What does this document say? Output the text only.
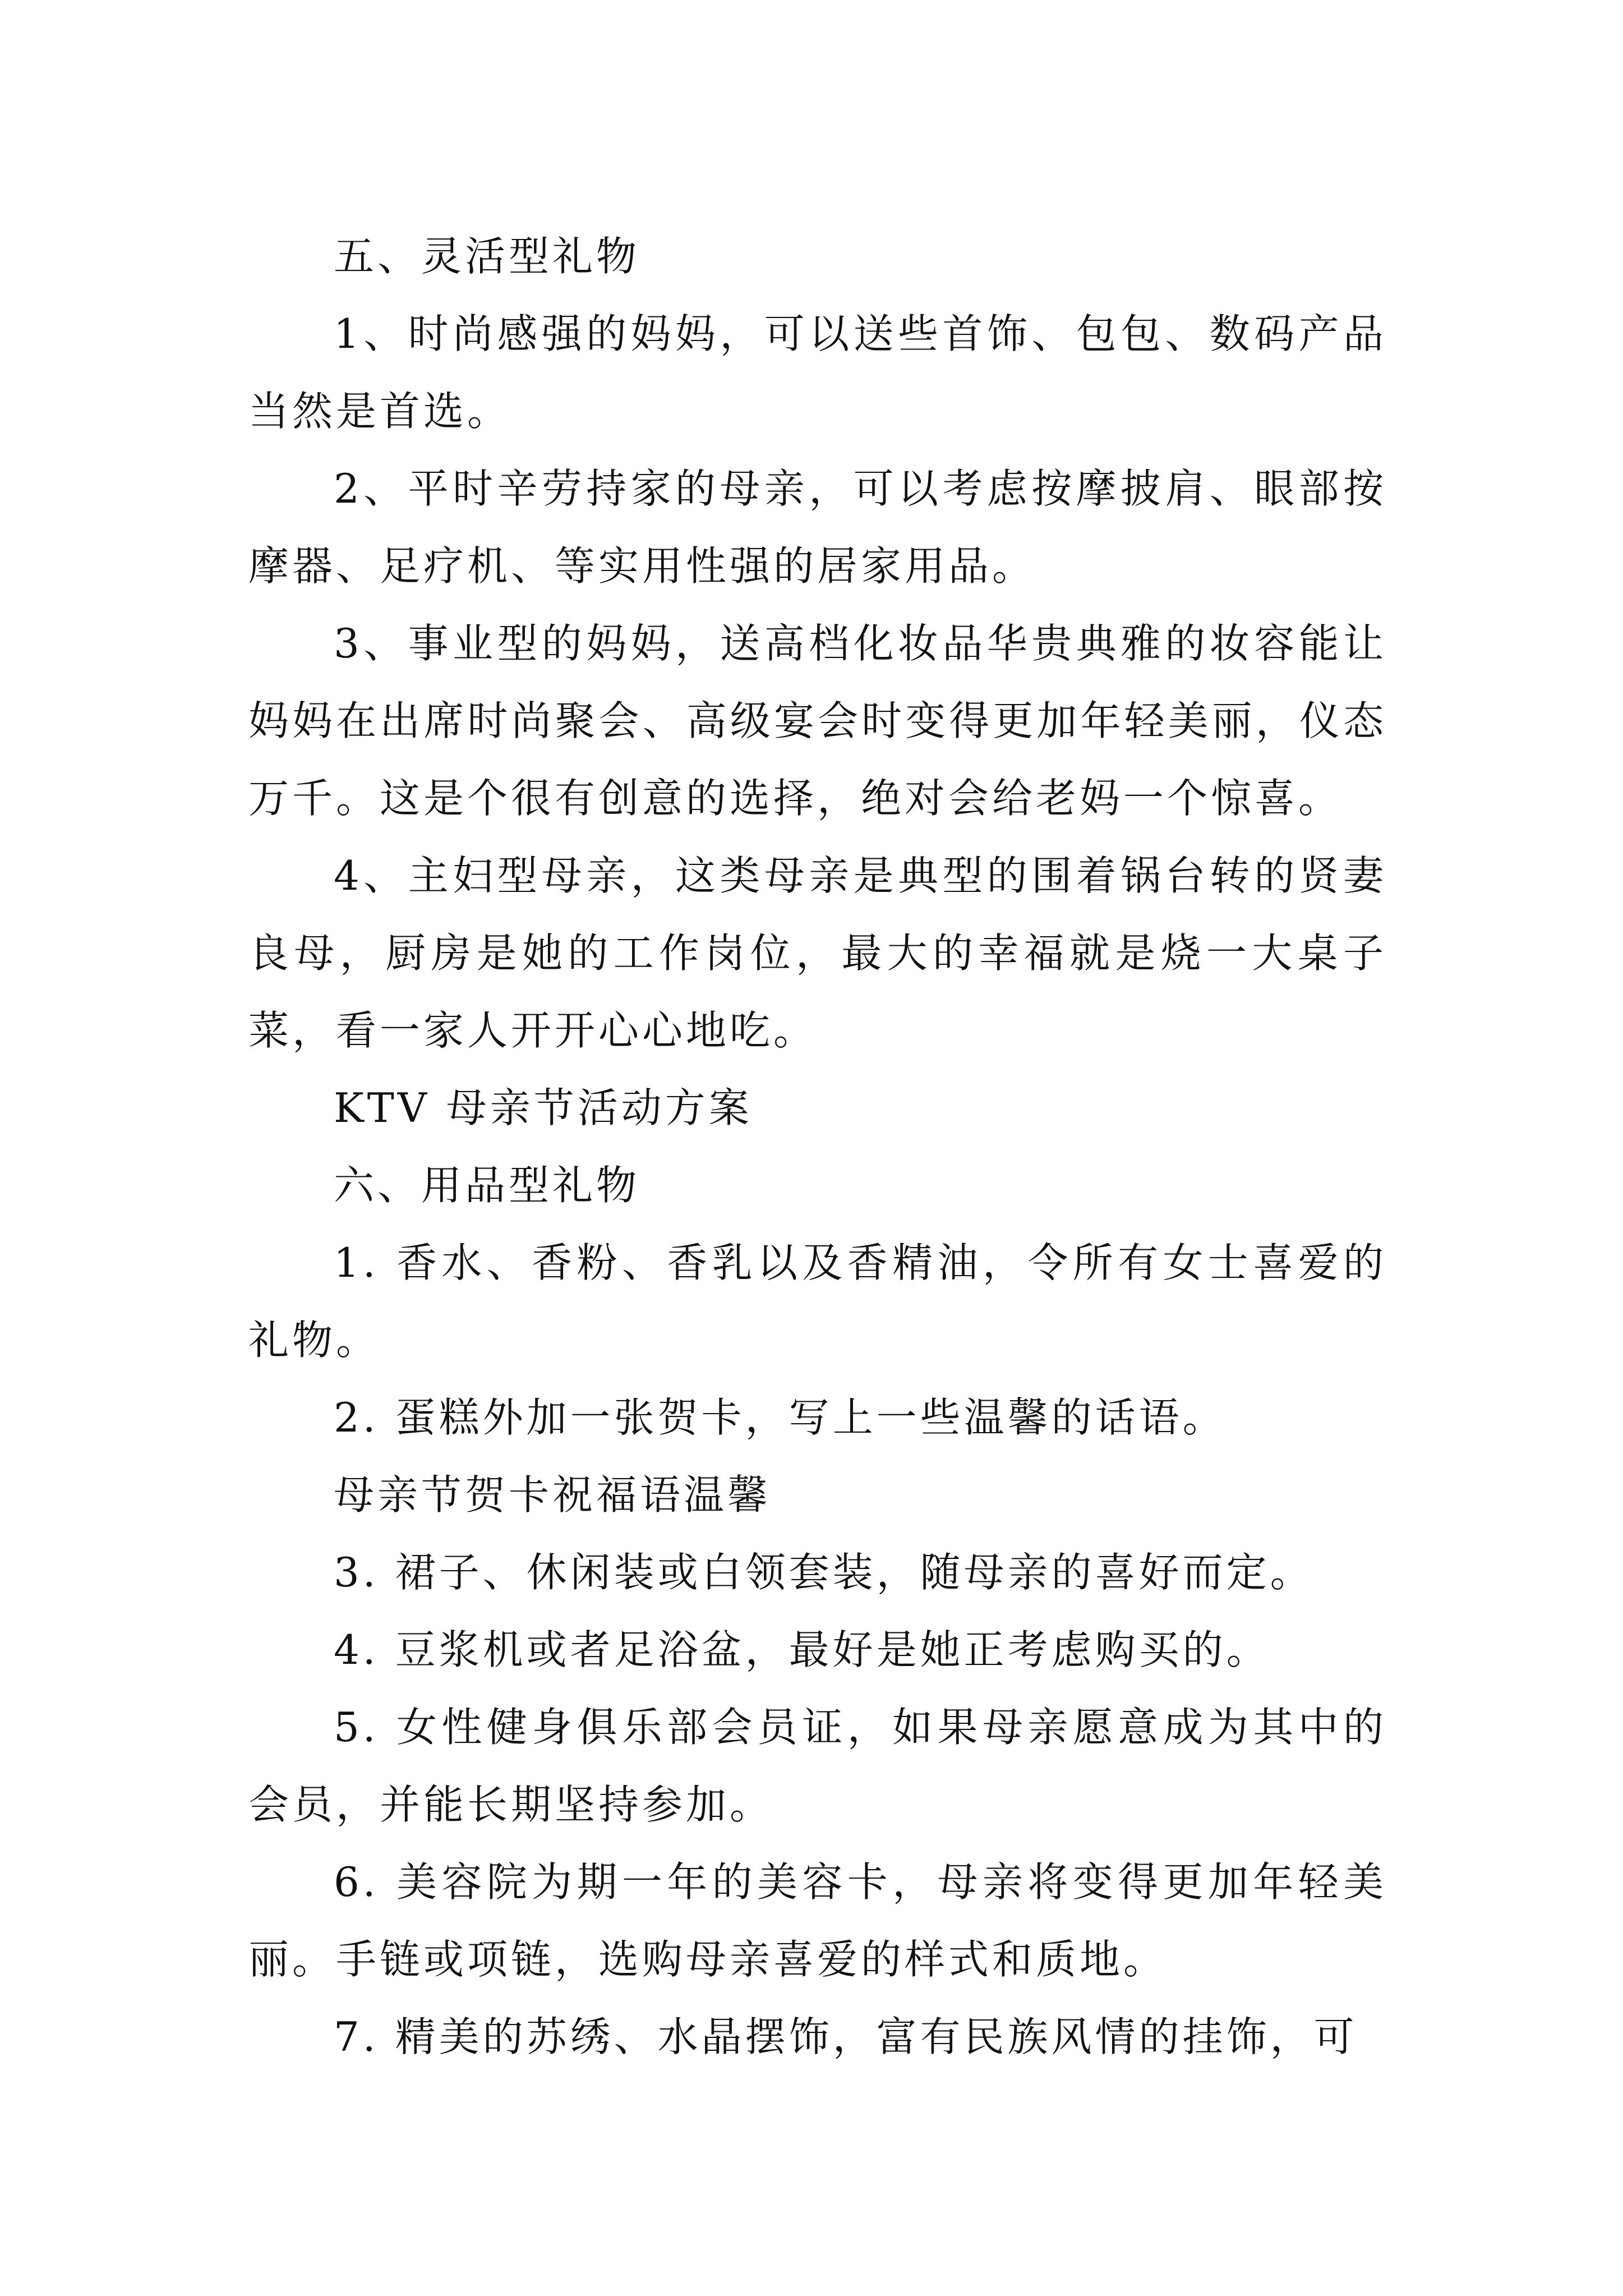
五、灵活型礼物

1、时尚感强的妈妈，可以送些首饰、包包、数码产品当然是首选。

2、平时辛劳持家的母亲，可以考虑按摩披肩、眼部按摩器、足疗机、等实用性强的居家用品。

3、事业型的妈妈，送高档化妆品华贵典雅的妆容能让妈妈在出席时尚聚会、高级宴会时变得更加年轻美丽，仪态万千。这是个很有创意的选择，绝对会给老妈一个惊喜。

4、主妇型母亲，这类母亲是典型的围着锅台转的贤妻良母，厨房是她的工作岗位，最大的幸福就是烧一大桌子菜，看一家人开开心心地吃。

KTV 母亲节活动方案

六、用品型礼物

1. 香水、香粉、香乳以及香精油，令所有女士喜爱的礼物。

2. 蛋糕外加一张贺卡，写上一些温馨的话语。

母亲节贺卡祝福语温馨

3. 裙子、休闲装或白领套装，随母亲的喜好而定。

4. 豆浆机或者足浴盆，最好是她正考虑购买的。

5. 女性健身俱乐部会员证，如果母亲愿意成为其中的会员，并能长期坚持参加。

6. 美容院为期一年的美容卡，母亲将变得更加年轻美丽。手链或项链，选购母亲喜爱的样式和质地。

7. 精美的苏绣、水晶摆饰，富有民族风情的挂饰，可
